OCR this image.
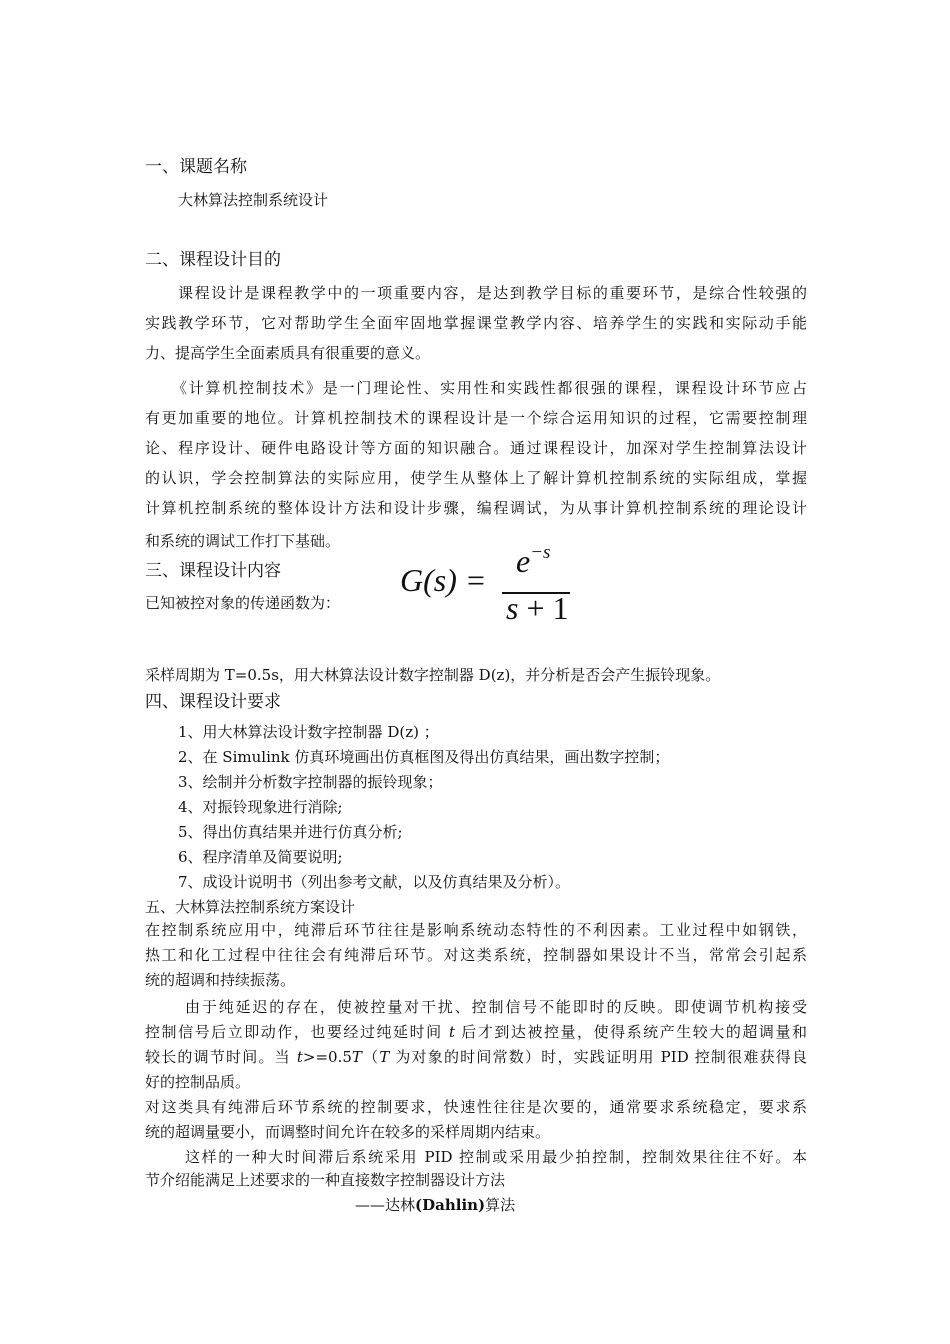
一、课题名称
大林算法控制系统设计
二、课程设计目的
课程设计是课程教学中的一项重要内容，是达到教学目标的重要环节，是综合性较强的
实践教学环节，它对帮助学生全面牢固地掌握课堂教学内容、培养学生的实践和实际动手能
力、提高学生全面素质具有很重要的意义。
《计算机控制技术》是一门理论性、实用性和实践性都很强的课程，课程设计环节应占
有更加重要的地位。计算机控制技术的课程设计是一个综合运用知识的过程，它需要控制理
论、程序设计、硬件电路设计等方面的知识融合。通过课程设计，加深对学生控制算法设计
的认识，学会控制算法的实际应用，使学生从整体上了解计算机控制系统的实际组成，掌握
计算机控制系统的整体设计方法和设计步骤，编程调试，为从事计算机控制系统的理论设计
和系统的调试工作打下基础。
三、课程设计内容
已知被控对象的传递函数为：
G(s) =
$e^{-s}$
s + 1
采样周期为 T=0.5s，用大林算法设计数字控制器 D(z)，并分析是否会产生振铃现象。
四、课程设计要求
1、用大林算法设计数字控制器 D(z) ；
2、在 Simulink 仿真环境画出仿真框图及得出仿真结果，画出数字控制；
3、绘制并分析数字控制器的振铃现象；
4、对振铃现象进行消除;
5、得出仿真结果并进行仿真分析;
6、程序清单及简要说明;
7、成设计说明书（列出参考文献，以及仿真结果及分析）。
五、大林算法控制系统方案设计
在控制系统应用中，纯滞后环节往往是影响系统动态特性的不利因素。工业过程中如钢铁，
热工和化工过程中往往会有纯滞后环节。对这类系统，控制器如果设计不当，常常会引起系
统的超调和持续振荡。
由于纯延迟的存在，使被控量对干扰、控制信号不能即时的反映。即使调节机构接受
控制信号后立即动作，也要经过纯延时间 t 后才到达被控量，使得系统产生较大的超调量和
较长的调节时间。当 t>=0.5T（T 为对象的时间常数）时，实践证明用 PID 控制很难获得良
好的控制品质。
对这类具有纯滞后环节系统的控制要求，快速性往往是次要的，通常要求系统稳定，要求系
统的超调量要小，而调整时间允许在较多的采样周期内结束。
这样的一种大时间滞后系统采用 PID 控制或采用最少拍控制，控制效果往往不好。本
节介绍能满足上述要求的一种直接数字控制器设计方法
——达林(Dahlin)算法
